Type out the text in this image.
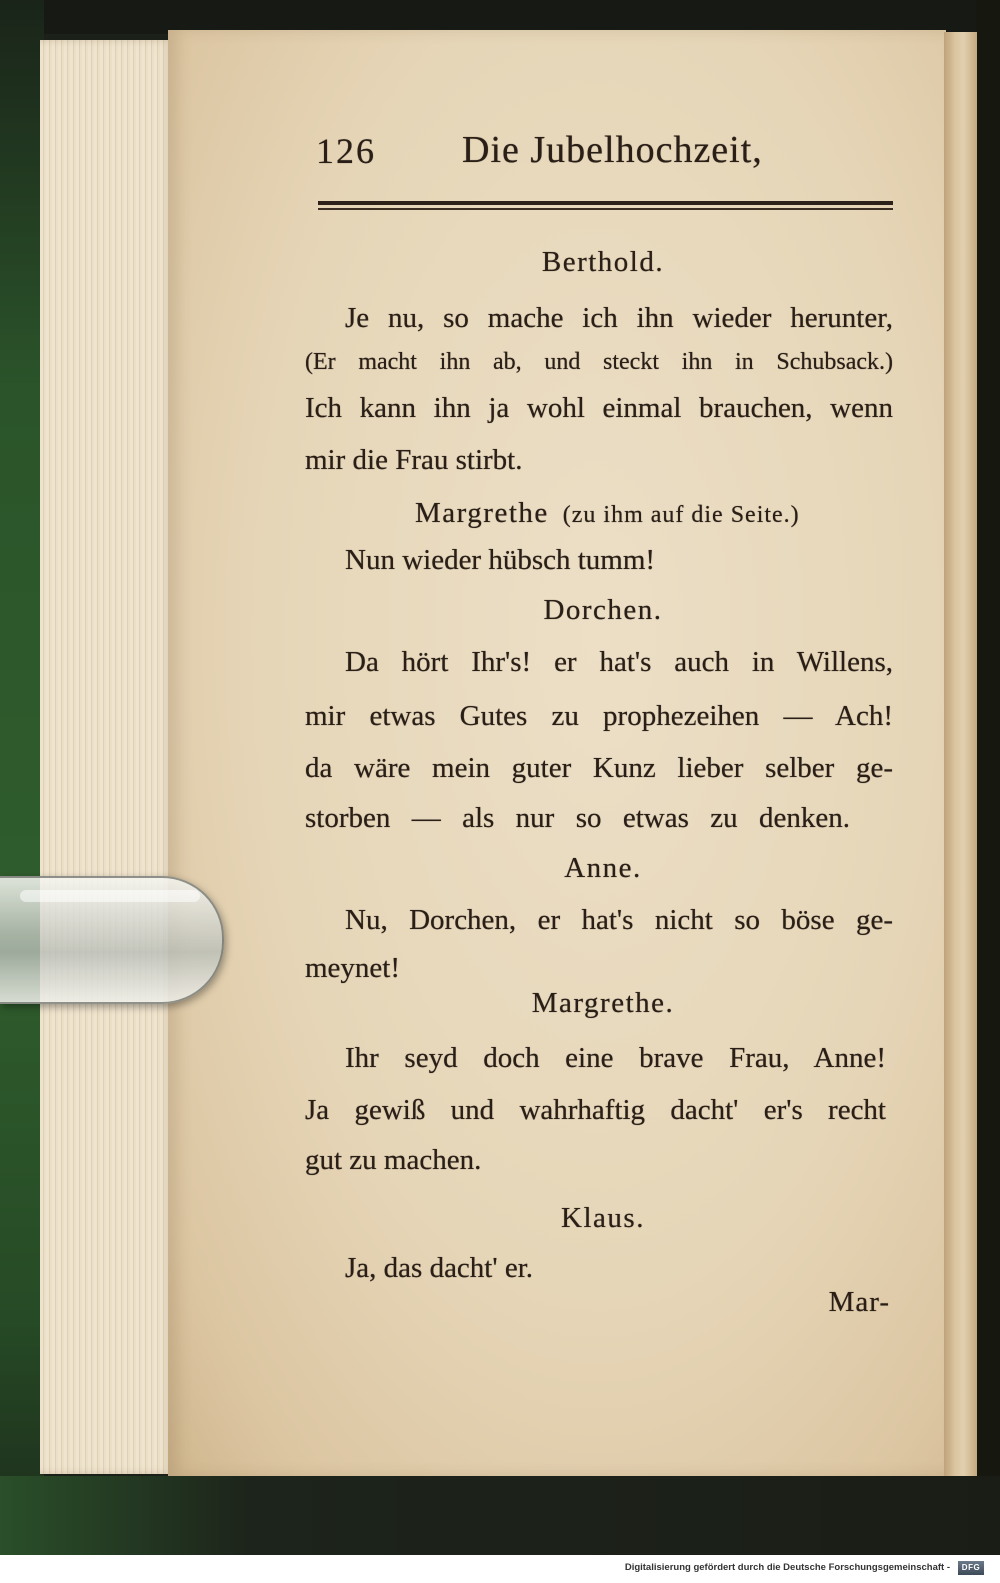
126 Die Jubelhochzeit,
Berthold.
Je nu, so mache ich ihn wieder herunter,
(Er macht ihn ab, und steckt ihn in Schubsack.)
Ich kann ihn ja wohl einmal brauchen, wenn
mir die Frau stirbt.
Margrethe (zu ihm auf die Seite.)
Nun wieder hübsch tumm!
Dorchen.
Da hört Ihr's! er hat's auch in Willens,
mir etwas Gutes zu prophezeihen — Ach!
da wäre mein guter Kunz lieber selber ge-
storben — als nur so etwas zu denken.
Anne.
Nu, Dorchen, er hat's nicht so böse ge-
meynet!
Margrethe.
Ihr seyd doch eine brave Frau, Anne!
Ja gewiß und wahrhaftig dacht' er's recht
gut zu machen.
Klaus.
Ja, das dacht' er.
Mar-
Digitalisierung gefördert durch die Deutsche Forschungsgemeinschaft -	DFG
